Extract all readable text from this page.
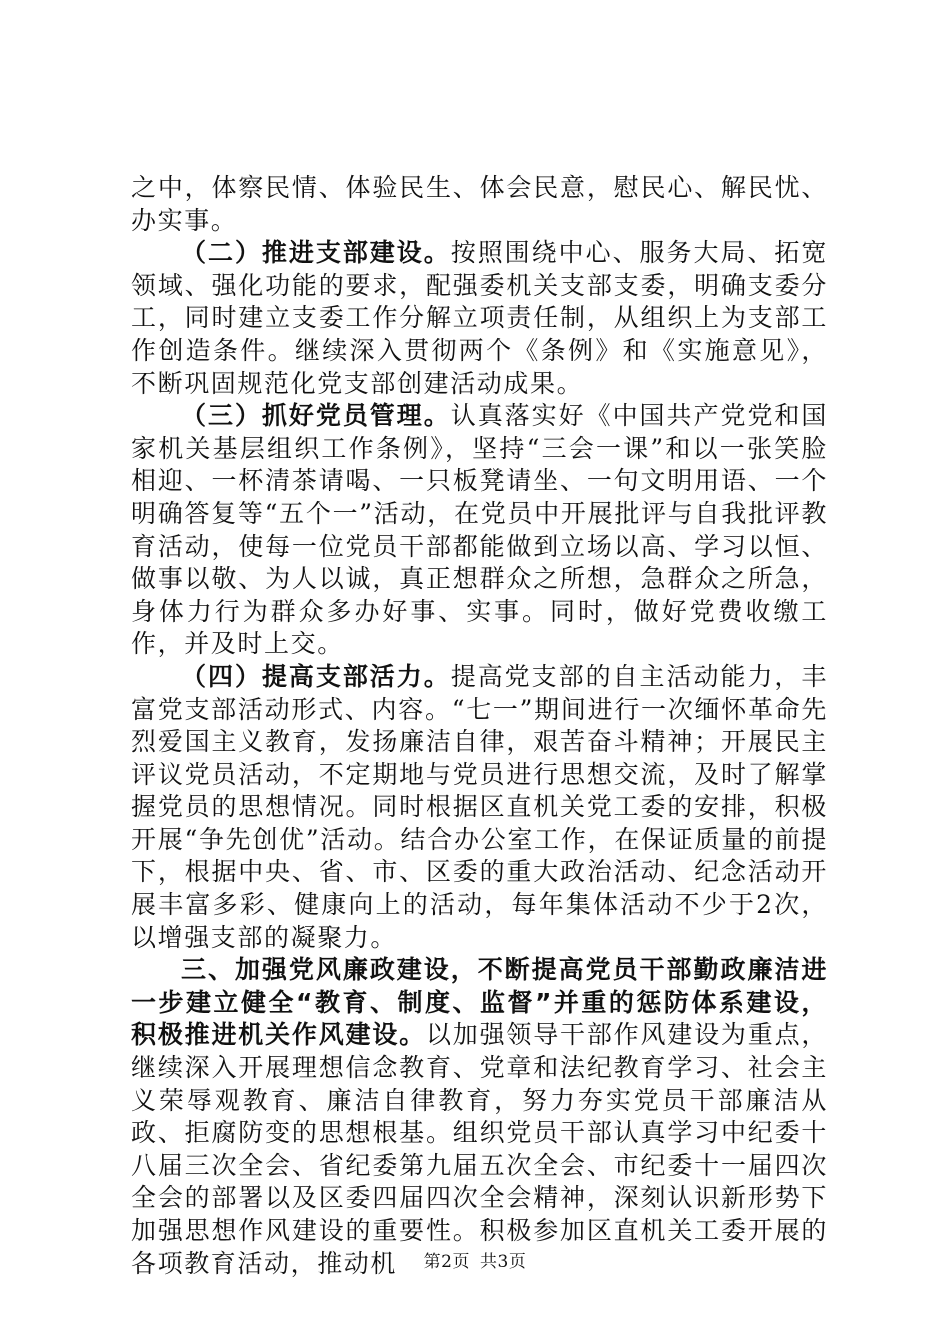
之中，体察民情、体验民生、体会民意，慰民心、解民忧、办实事。

（二）推进支部建设。按照围绕中心、服务大局、拓宽领域、强化功能的要求，配强委机关支部支委，明确支委分工，同时建立支委工作分解立项责任制，从组织上为支部工作创造条件。继续深入贯彻两个《条例》和《实施意见》，不断巩固规范化党支部创建活动成果。

（三）抓好党员管理。认真落实好《中国共产党党和国家机关基层组织工作条例》，坚持“三会一课”和以一张笑脸相迎、一杯清茶请喝、一只板凳请坐、一句文明用语、一个明确答复等“五个一”活动，在党员中开展批评与自我批评教育活动，使每一位党员干部都能做到立场以高、学习以恒、做事以敬、为人以诚，真正想群众之所想，急群众之所急，身体力行为群众多办好事、实事。同时，做好党费收缴工作，并及时上交。

（四）提高支部活力。提高党支部的自主活动能力，丰富党支部活动形式、内容。“七一”期间进行一次缅怀革命先烈爱国主义教育，发扬廉洁自律，艰苦奋斗精神；开展民主评议党员活动，不定期地与党员进行思想交流，及时了解掌握党员的思想情况。同时根据区直机关党工委的安排，积极开展“争先创优”活动。结合办公室工作，在保证质量的前提下，根据中央、省、市、区委的重大政治活动、纪念活动开展丰富多彩、健康向上的活动，每年集体活动不少于2次，以增强支部的凝聚力。

三、加强党风廉政建设，不断提高党员干部勤政廉洁进一步建立健全“教育、制度、监督”并重的惩防体系建设，积极推进机关作风建设。以加强领导干部作风建设为重点，继续深入开展理想信念教育、党章和法纪教育学习、社会主义荣辱观教育、廉洁自律教育，努力夯实党员干部廉洁从政、拒腐防变的思想根基。组织党员干部认真学习中纪委十八届三次全会、省纪委第九届五次全会、市纪委十一届四次全会的部署以及区委四届四次全会精神，深刻认识新形势下加强思想作风建设的重要性。积极参加区直机关工委开展的各项教育活动，推动机	第2页 共3页
